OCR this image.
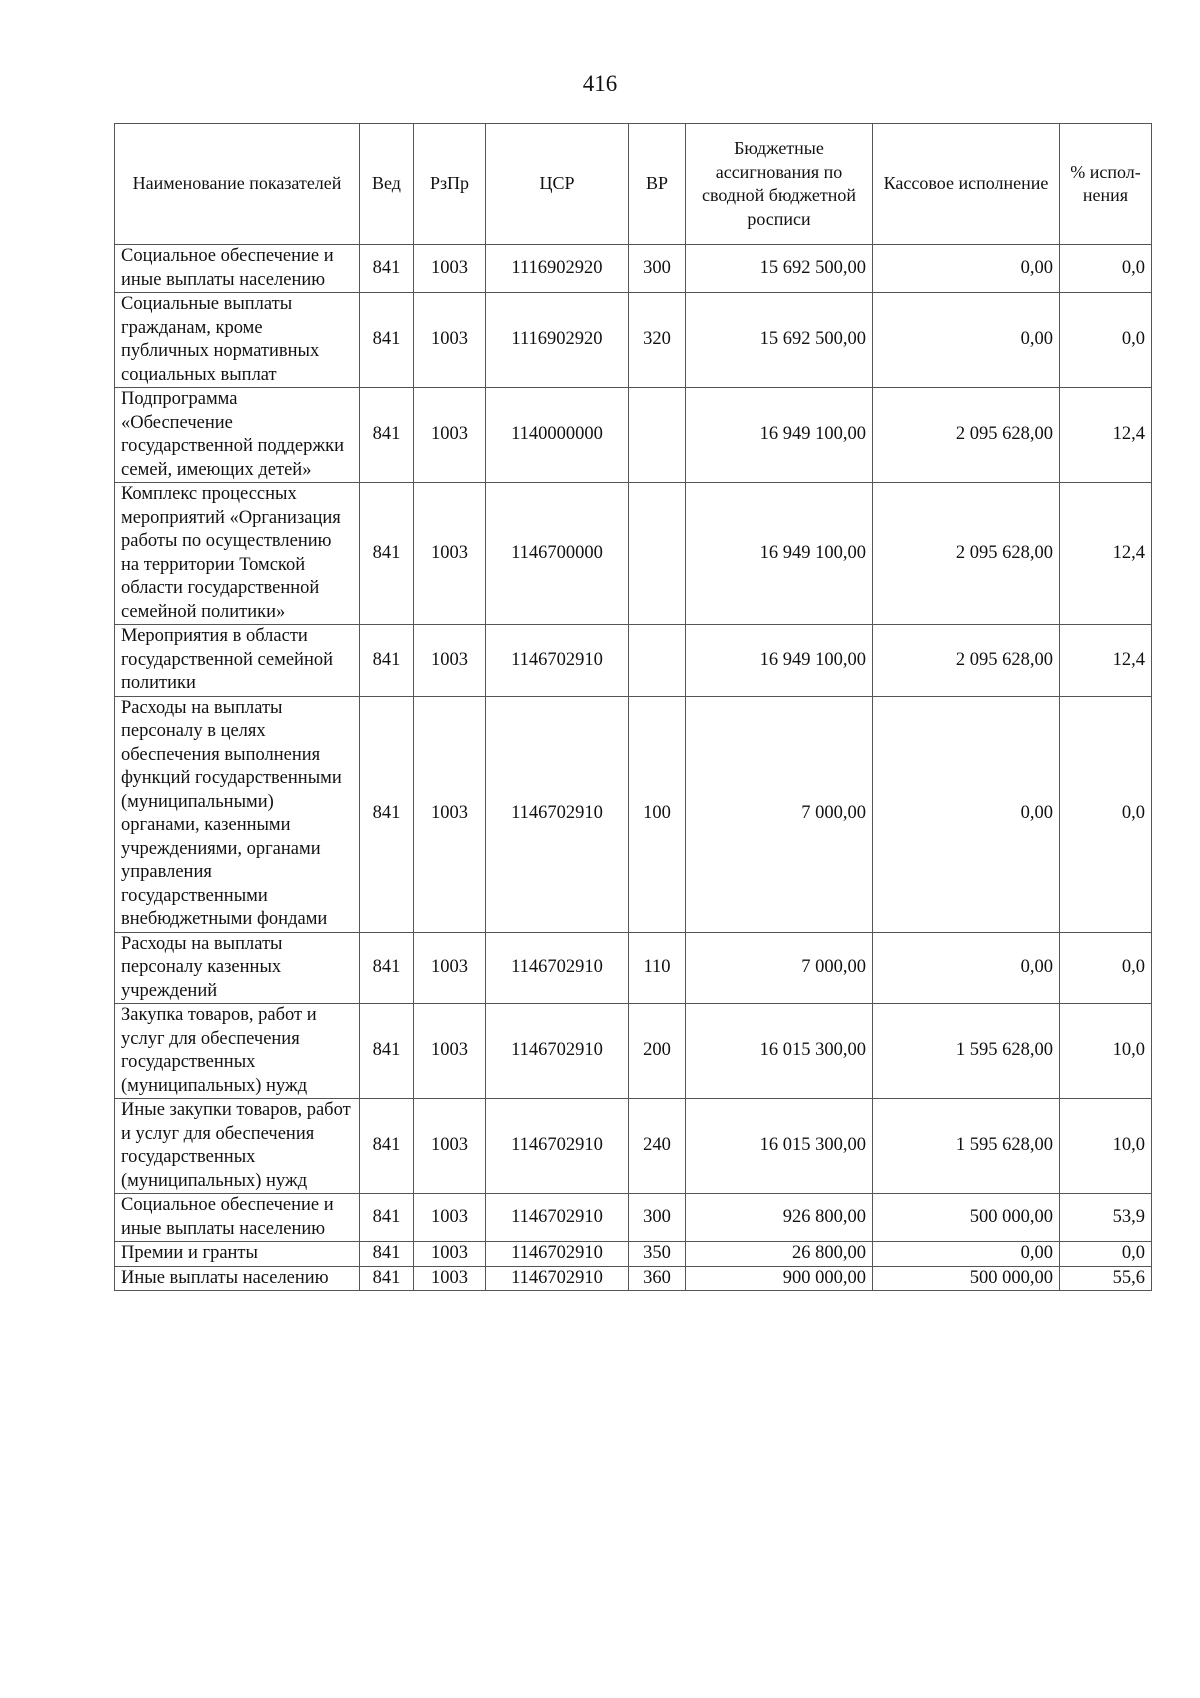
416
Наименование показателей	Вед	РзПр	ЦСР	ВР	Бюджетные ассигнования по сводной бюджетной росписи	Кассовое исполнение	% испол-нения
Социальное обеспечение и иные выплаты населению	841	1003	1116902920	300	15 692 500,00	0,00	0,0
Социальные выплаты гражданам, кроме публичных нормативных социальных выплат	841	1003	1116902920	320	15 692 500,00	0,00	0,0
Подпрограмма «Обеспечение государственной поддержки семей, имеющих детей»	841	1003	1140000000		16 949 100,00	2 095 628,00	12,4
Комплекс процессных мероприятий «Организация работы по осуществлению на территории Томской области государственной семейной политики»	841	1003	1146700000		16 949 100,00	2 095 628,00	12,4
Мероприятия в области государственной семейной политики	841	1003	1146702910		16 949 100,00	2 095 628,00	12,4
Расходы на выплаты персоналу в целях обеспечения выполнения функций государственными (муниципальными) органами, казенными учреждениями, органами управления государственными внебюджетными фондами	841	1003	1146702910	100	7 000,00	0,00	0,0
Расходы на выплаты персоналу казенных учреждений	841	1003	1146702910	110	7 000,00	0,00	0,0
Закупка товаров, работ и услуг для обеспечения государственных (муниципальных) нужд	841	1003	1146702910	200	16 015 300,00	1 595 628,00	10,0
Иные закупки товаров, работ и услуг для обеспечения государственных (муниципальных) нужд	841	1003	1146702910	240	16 015 300,00	1 595 628,00	10,0
Социальное обеспечение и иные выплаты населению	841	1003	1146702910	300	926 800,00	500 000,00	53,9
Премии и гранты	841	1003	1146702910	350	26 800,00	0,00	0,0
Иные выплаты населению	841	1003	1146702910	360	900 000,00	500 000,00	55,6
